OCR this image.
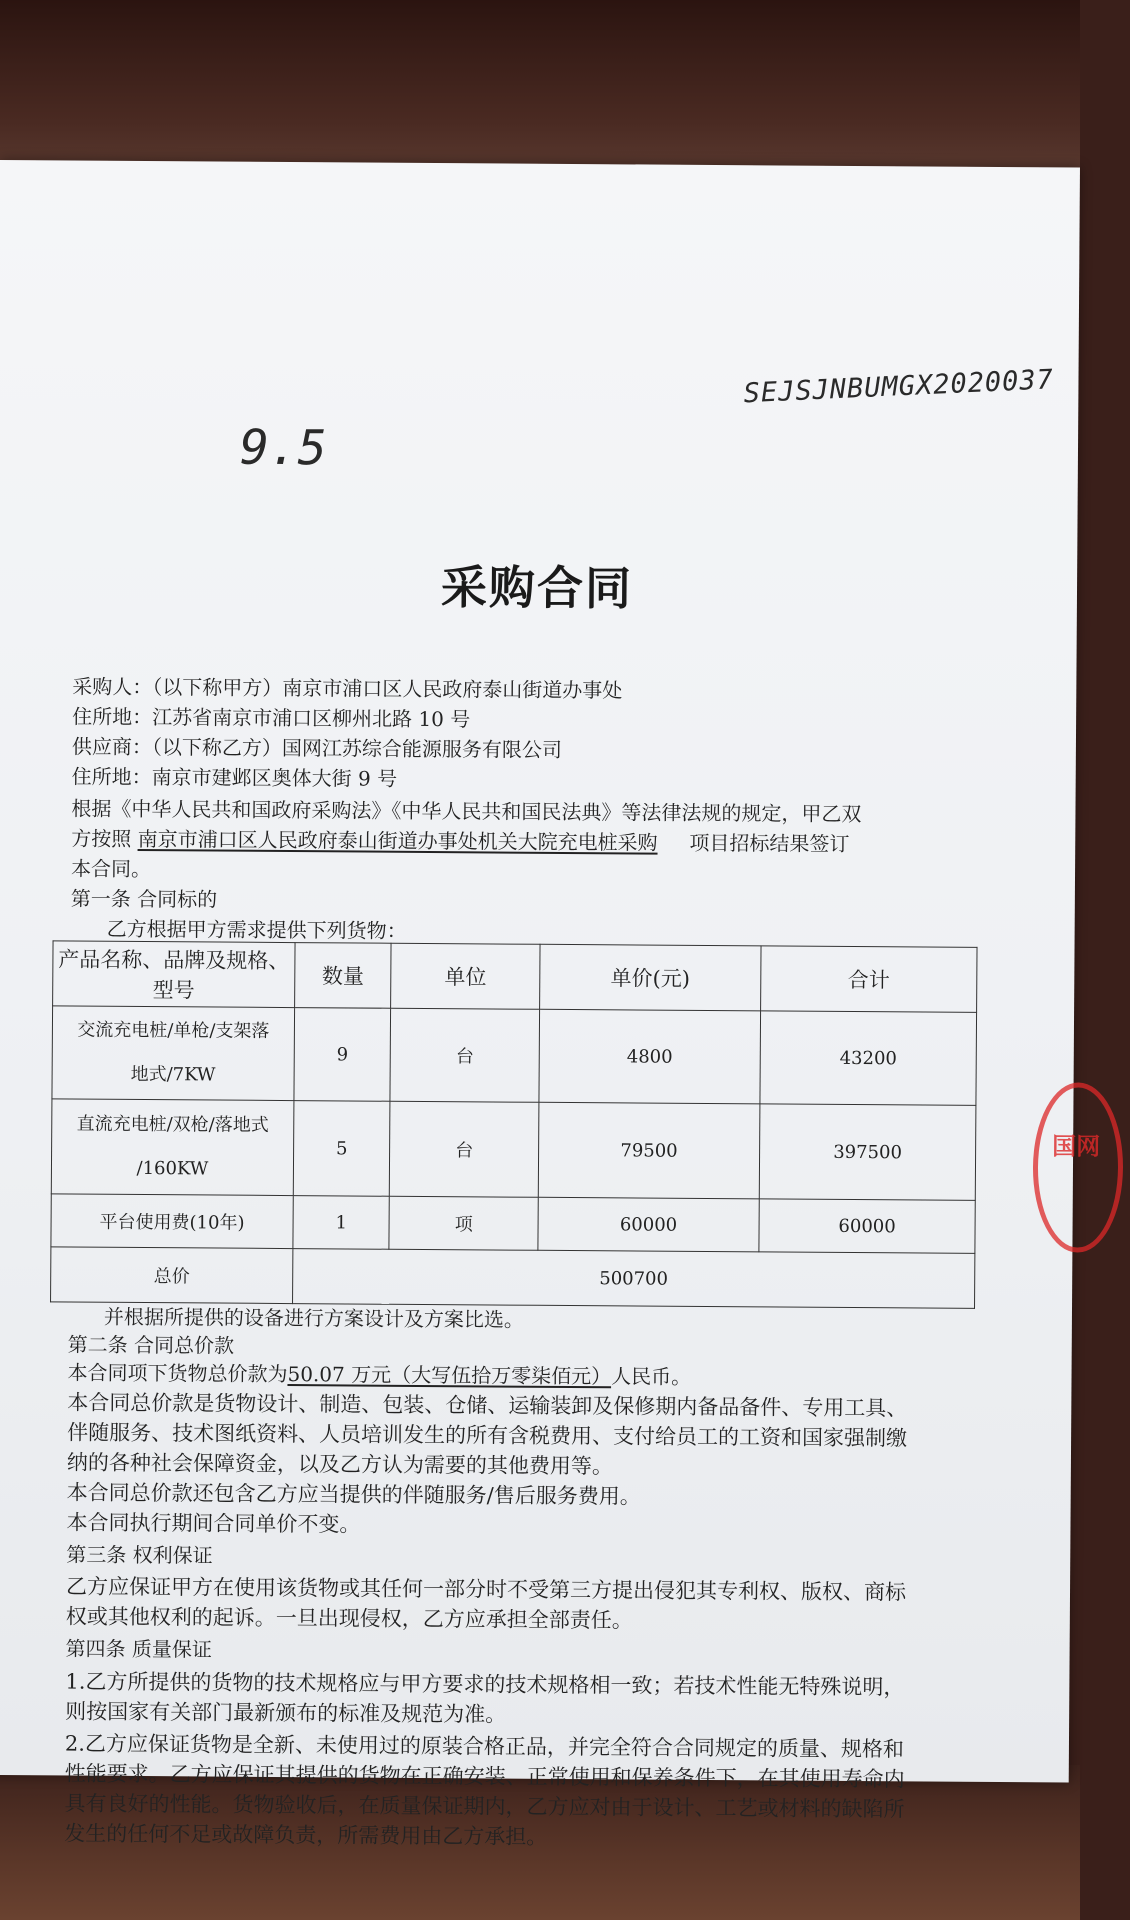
SEJSJNBUMGX2020037
9.5
采购合同
采购人：（以下称甲方）南京市浦口区人民政府泰山街道办事处
住所地：江苏省南京市浦口区柳州北路 10 号
供应商：（以下称乙方）国网江苏综合能源服务有限公司
住所地：南京市建邺区奥体大街 9 号
根据《中华人民共和国政府采购法》《中华人民共和国民法典》等法律法规的规定，甲乙双
方按照 南京市浦口区人民政府泰山街道办事处机关大院充电桩采购 项目招标结果签订
本合同。
第一条 合同标的
乙方根据甲方需求提供下列货物：
产品名称、品牌及规格、型号	数量	单位	单价(元)	合计

交流充电桩/单枪/支架落
地式/7KW	9	台	4800	43200

直流充电桩/双枪/落地式
/160KW	5	台	79500	397500
平台使用费(10年)	1	项	60000	60000
总价	500700			
并根据所提供的设备进行方案设计及方案比选。
第二条 合同总价款
本合同项下货物总价款为50.07 万元（大写伍拾万零柒佰元）人民币。
本合同总价款是货物设计、制造、包装、仓储、运输装卸及保修期内备品备件、专用工具、
伴随服务、技术图纸资料、人员培训发生的所有含税费用、支付给员工的工资和国家强制缴
纳的各种社会保障资金，以及乙方认为需要的其他费用等。
本合同总价款还包含乙方应当提供的伴随服务/售后服务费用。
本合同执行期间合同单价不变。
第三条 权利保证
乙方应保证甲方在使用该货物或其任何一部分时不受第三方提出侵犯其专利权、版权、商标
权或其他权利的起诉。一旦出现侵权，乙方应承担全部责任。
第四条 质量保证
1.乙方所提供的货物的技术规格应与甲方要求的技术规格相一致；若技术性能无特殊说明，
则按国家有关部门最新颁布的标准及规范为准。
2.乙方应保证货物是全新、未使用过的原装合格正品，并完全符合合同规定的质量、规格和
性能要求。乙方应保证其提供的货物在正确安装、正常使用和保养条件下，在其使用寿命内
具有良好的性能。货物验收后，在质量保证期内，乙方应对由于设计、工艺或材料的缺陷所
发生的任何不足或故障负责，所需费用由乙方承担。
国网
